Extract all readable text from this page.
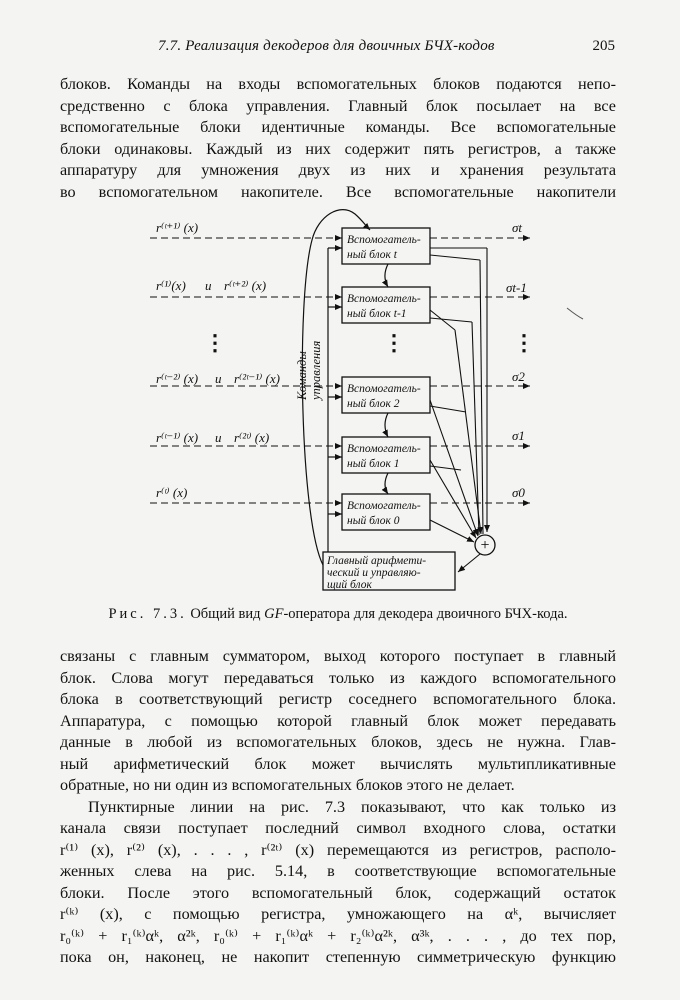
7.7. Реализация декодеров для двоичных БЧХ-кодов	205
блоков. Команды на входы вспомогательных блоков подаются непо-
средственно с блока управления. Главный блок посылает на все
вспомогательные блоки идентичные команды. Все вспомогательные
блоки одинаковы. Каждый из них содержит пять регистров, а также
аппаратуру для умножения двух из них и хранения результата
во вспомогательном накопителе. Все вспомогательные накопители
Вспомогатель-
ный блок t
Вспомогатель-
ный блок t-1
Вспомогатель-
ный блок 2
Вспомогатель-
ный блок 1
Вспомогатель-
ный блок 0
Главный арифмети-
ческий и управляю-
щий блок
Команды управления
+
r⁽ᵗ⁺¹⁾ (x)
r⁽¹⁾(x) и r⁽ᵗ⁺²⁾ (x)
r⁽ᵗ⁻²⁾ (x) и r⁽²ᵗ⁻¹⁾ (x)
r⁽ᵗ⁻¹⁾ (x) и r⁽²ᵗ⁾ (x)
r⁽ᵗ⁾ (x)
⋮	⋮	⋮
σt
σt-1
σ2
σ1
σ0
Рис. 7.3. Общий вид GF-оператора для декодера двоичного БЧХ-кода.
связаны с главным сумматором, выход которого поступает в главный
блок. Слова могут передаваться только из каждого вспомогательного
блока в соответствующий регистр соседнего вспомогательного блока.
Аппаратура, с помощью которой главный блок может передавать
данные в любой из вспомогательных блоков, здесь не нужна. Глав-
ный арифметический блок может вычислять мультипликативные
обратные, но ни один из вспомогательных блоков этого не делает.
Пунктирные линии на рис. 7.3 показывают, что как только из
канала связи поступает последний символ входного слова, остатки
r⁽¹⁾ (x), r⁽²⁾ (x), . . . , r⁽²ᵗ⁾ (x) перемещаются из регистров, располо-
женных слева на рис. 5.14, в соответствующие вспомогательные
блоки. После этого вспомогательный блок, содержащий остаток
r⁽ᵏ⁾ (x), с помощью регистра, умножающего на αᵏ, вычисляет
r₀⁽ᵏ⁾ + r₁⁽ᵏ⁾αᵏ, α²ᵏ, r₀⁽ᵏ⁾ + r₁⁽ᵏ⁾αᵏ + r₂⁽ᵏ⁾α²ᵏ, α³ᵏ, . . . , до тех пор,
пока он, наконец, не накопит степенную симметрическую функцию
